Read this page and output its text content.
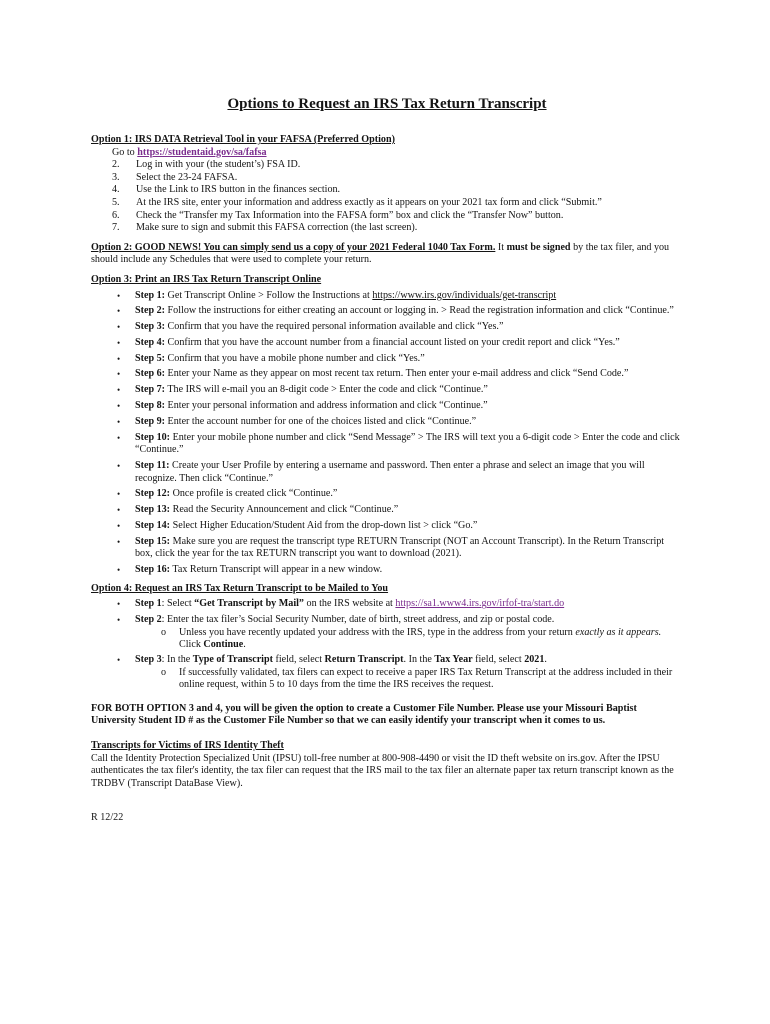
Options to Request an IRS Tax Return Transcript

Option 1: IRS DATA Retrieval Tool in your FAFSA (Preferred Option)

Go to https://studentaid.gov/sa/fafsa
2.	Log in with your (the student’s) FSA ID.
3.	Select the 23-24 FAFSA.
4.	Use the Link to IRS button in the finances section.
5.	At the IRS site, enter your information and address exactly as it appears on your 2021 tax form and click “Submit.”
6.	Check the “Transfer my Tax Information into the FAFSA form” box and click the “Transfer Now” button.
7.	Make sure to sign and submit this FAFSA correction (the last screen).

Option 2: GOOD NEWS! You can simply send us a copy of your 2021 Federal 1040 Tax Form. It must be signed by the tax filer, and you should include any Schedules that were used to complete your return.

Option 3: Print an IRS Tax Return Transcript Online

•	Step 1: Get Transcript Online > Follow the Instructions at https://www.irs.gov/individuals/get-transcript
•	Step 2: Follow the instructions for either creating an account or logging in. > Read the registration information and click “Continue.”
•	Step 3: Confirm that you have the required personal information available and click “Yes.”
•	Step 4: Confirm that you have the account number from a financial account listed on your credit report and click “Yes.”
•	Step 5: Confirm that you have a mobile phone number and click “Yes.”
•	Step 6: Enter your Name as they appear on most recent tax return. Then enter your e-mail address and click “Send Code.”
•	Step 7: The IRS will e-mail you an 8-digit code > Enter the code and click “Continue.”
•	Step 8: Enter your personal information and address information and click “Continue.”
•	Step 9: Enter the account number for one of the choices listed and click “Continue.”
•	Step 10: Enter your mobile phone number and click “Send Message” > The IRS will text you a 6-digit code > Enter the code and click “Continue.”
•	Step 11: Create your User Profile by entering a username and password. Then enter a phrase and select an image that you will recognize. Then click “Continue.”
•	Step 12: Once profile is created click “Continue.”
•	Step 13: Read the Security Announcement and click “Continue.”
•	Step 14: Select Higher Education/Student Aid from the drop-down list > click “Go.”
•	Step 15: Make sure you are request the transcript type RETURN Transcript (NOT an Account Transcript). In the Return Transcript box, click the year for the tax RETURN transcript you want to download (2021).
•	Step 16: Tax Return Transcript will appear in a new window.

Option 4: Request an IRS Tax Return Transcript to be Mailed to You

•	Step 1: Select “Get Transcript by Mail” on the IRS website at https://sa1.www4.irs.gov/irfof-tra/start.do
•	Step 2: Enter the tax filer’s Social Security Number, date of birth, street address, and zip or postal code.
o	Unless you have recently updated your address with the IRS, type in the address from your return exactly as it appears. Click Continue.
•	Step 3: In the Type of Transcript field, select Return Transcript. In the Tax Year field, select 2021.
o	If successfully validated, tax filers can expect to receive a paper IRS Tax Return Transcript at the address included in their online request, within 5 to 10 days from the time the IRS receives the request.

FOR BOTH OPTION 3 and 4, you will be given the option to create a Customer File Number. Please use your Missouri Baptist University Student ID # as the Customer File Number so that we can easily identify your transcript when it comes to us.

Transcripts for Victims of IRS Identity Theft

Call the Identity Protection Specialized Unit (IPSU) toll-free number at 800-908-4490 or visit the ID theft website on irs.gov. After the IPSU authenticates the tax filer's identity, the tax filer can request that the IRS mail to the tax filer an alternate paper tax return transcript known as the TRDBV (Transcript DataBase View).

R 12/22
